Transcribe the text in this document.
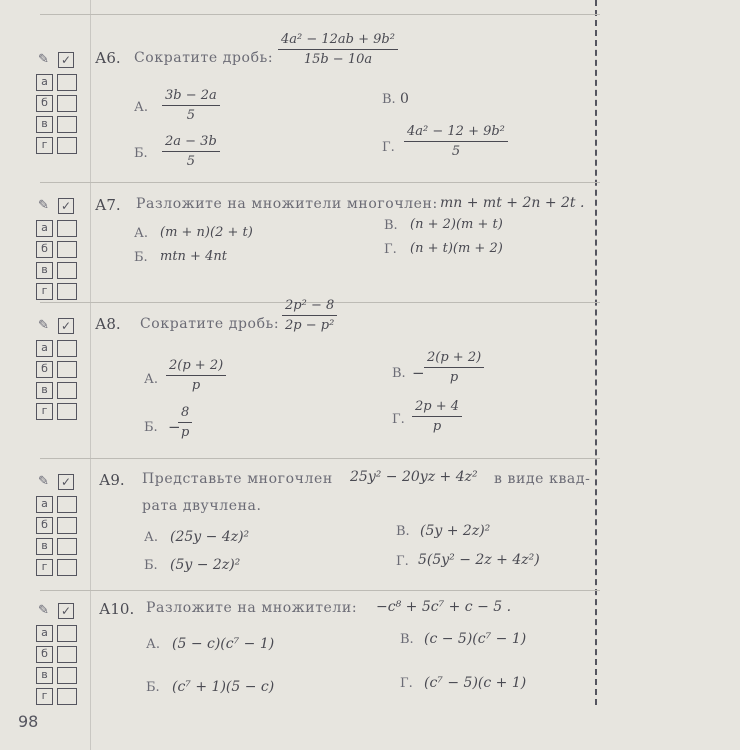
✎ ✓
а
б
в
г
А6. Сократите дробь: $\frac{\text{4a² − 12ab + 9b²}}{15b - 10a}$
А. $\frac{3b - 2a}{5}$
Б. $\frac{2a - 3b}{5}$
В. 0
Г. $\frac{\text{4a² − 12 + 9b²}}{5}$
✎ ✓
а
б
в
г
А7. Разложите на множители многочлен: mn + mt + 2n + 2t .
А. (m + n)(2 + t)
Б. mtn + 4nt
В. (n + 2)(m + t)
Г. (n + t)(m + 2)
✎ ✓
а
б
в
г
А8. Сократите дробь: $\frac{\text{2p² − 8}}{\text{2p − p²}}$
А. $\frac{2(p + 2)}{p}$
Б. −
$\frac{8}{p}$
В. − $\frac{2(p + 2)}{p}$
Г. $\frac{2p + 4}{p}$
✎ ✓
а
б
в
г
А9. Представьте многочлен 25y² − 20yz + 4z² в виде квад-
рата двучлена.
А. (25y − 4z)²
Б. (5y − 2z)²
В. (5y + 2z)²
Г. 5(5y² − 2z + 4z²)
✎ ✓
а
б
в
г
А10. Разложите на множители: −c⁸ + 5c⁷ + c − 5 .
А. (5 − c)(c⁷ − 1)
Б. (c⁷ + 1)(5 − c)
В. (c − 5)(c⁷ − 1)
Г. (c⁷ − 5)(c + 1)
98
